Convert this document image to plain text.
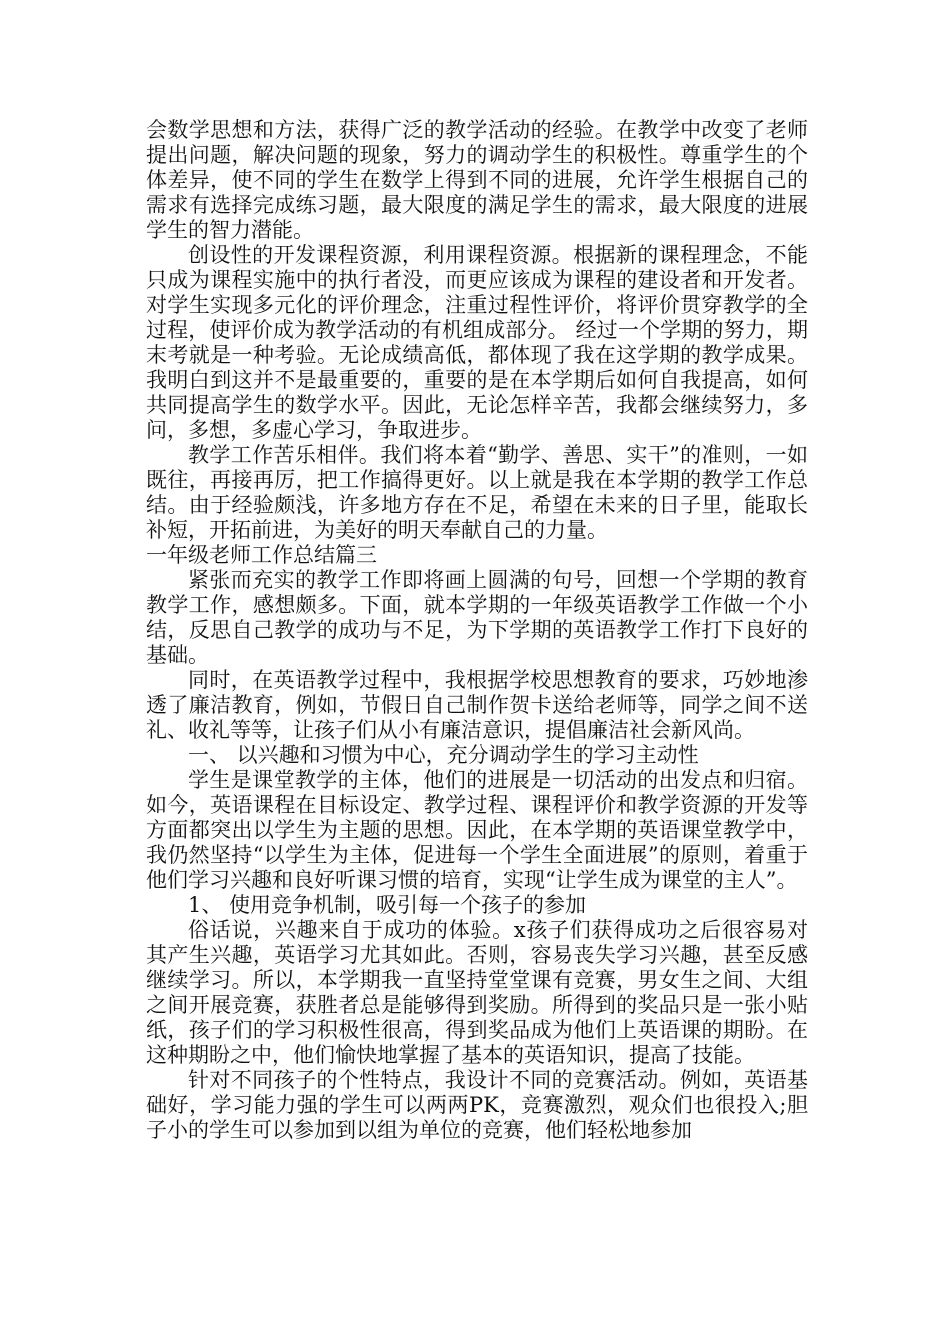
会数学思想和方法，获得广泛的教学活动的经验。在教学中改变了老师提出问题，解决问题的现象，努力的调动学生的积极性。尊重学生的个体差异，使不同的学生在数学上得到不同的进展，允许学生根据自己的需求有选择完成练习题，最大限度的满足学生的需求，最大限度的进展学生的智力潜能。

创设性的开发课程资源，利用课程资源。根据新的课程理念，不能只成为课程实施中的执行者没，而更应该成为课程的建设者和开发者。对学生实现多元化的评价理念，注重过程性评价，将评价贯穿教学的全过程，使评价成为教学活动的有机组成部分。 经过一个学期的努力，期末考就是一种考验。无论成绩高低，都体现了我在这学期的教学成果。我明白到这并不是最重要的，重要的是在本学期后如何自我提高，如何共同提高学生的数学水平。因此，无论怎样辛苦，我都会继续努力，多问，多想，多虚心学习，争取进步。

教学工作苦乐相伴。我们将本着“勤学、善思、实干”的准则，一如既往，再接再厉，把工作搞得更好。以上就是我在本学期的教学工作总结。由于经验颇浅，许多地方存在不足，希望在未来的日子里，能取长补短，开拓前进，为美好的明天奉献自己的力量。

一年级老师工作总结篇三

紧张而充实的教学工作即将画上圆满的句号，回想一个学期的教育教学工作，感想颇多。下面，就本学期的一年级英语教学工作做一个小结，反思自己教学的成功与不足，为下学期的英语教学工作打下良好的基础。

同时，在英语教学过程中，我根据学校思想教育的要求，巧妙地渗透了廉洁教育，例如，节假日自己制作贺卡送给老师等，同学之间不送礼、收礼等等，让孩子们从小有廉洁意识，提倡廉洁社会新风尚。

一、 以兴趣和习惯为中心，充分调动学生的学习主动性

学生是课堂教学的主体，他们的进展是一切活动的出发点和归宿。如今，英语课程在目标设定、教学过程、课程评价和教学资源的开发等方面都突出以学生为主题的思想。因此，在本学期的英语课堂教学中，我仍然坚持“以学生为主体，促进每一个学生全面进展”的原则，着重于他们学习兴趣和良好听课习惯的培育，实现“让学生成为课堂的主人”。

1、 使用竞争机制，吸引每一个孩子的参加

俗话说，兴趣来自于成功的体验。x孩子们获得成功之后很容易对其产生兴趣，英语学习尤其如此。否则，容易丧失学习兴趣，甚至反感继续学习。所以，本学期我一直坚持堂堂课有竞赛，男女生之间、大组之间开展竞赛，获胜者总是能够得到奖励。所得到的奖品只是一张小贴纸，孩子们的学习积极性很高，得到奖品成为他们上英语课的期盼。在这种期盼之中，他们愉快地掌握了基本的英语知识，提高了技能。

针对不同孩子的个性特点，我设计不同的竞赛活动。例如，英语基础好，学习能力强的学生可以两两PK，竞赛激烈，观众们也很投入;胆子小的学生可以参加到以组为单位的竞赛，他们轻松地参加
